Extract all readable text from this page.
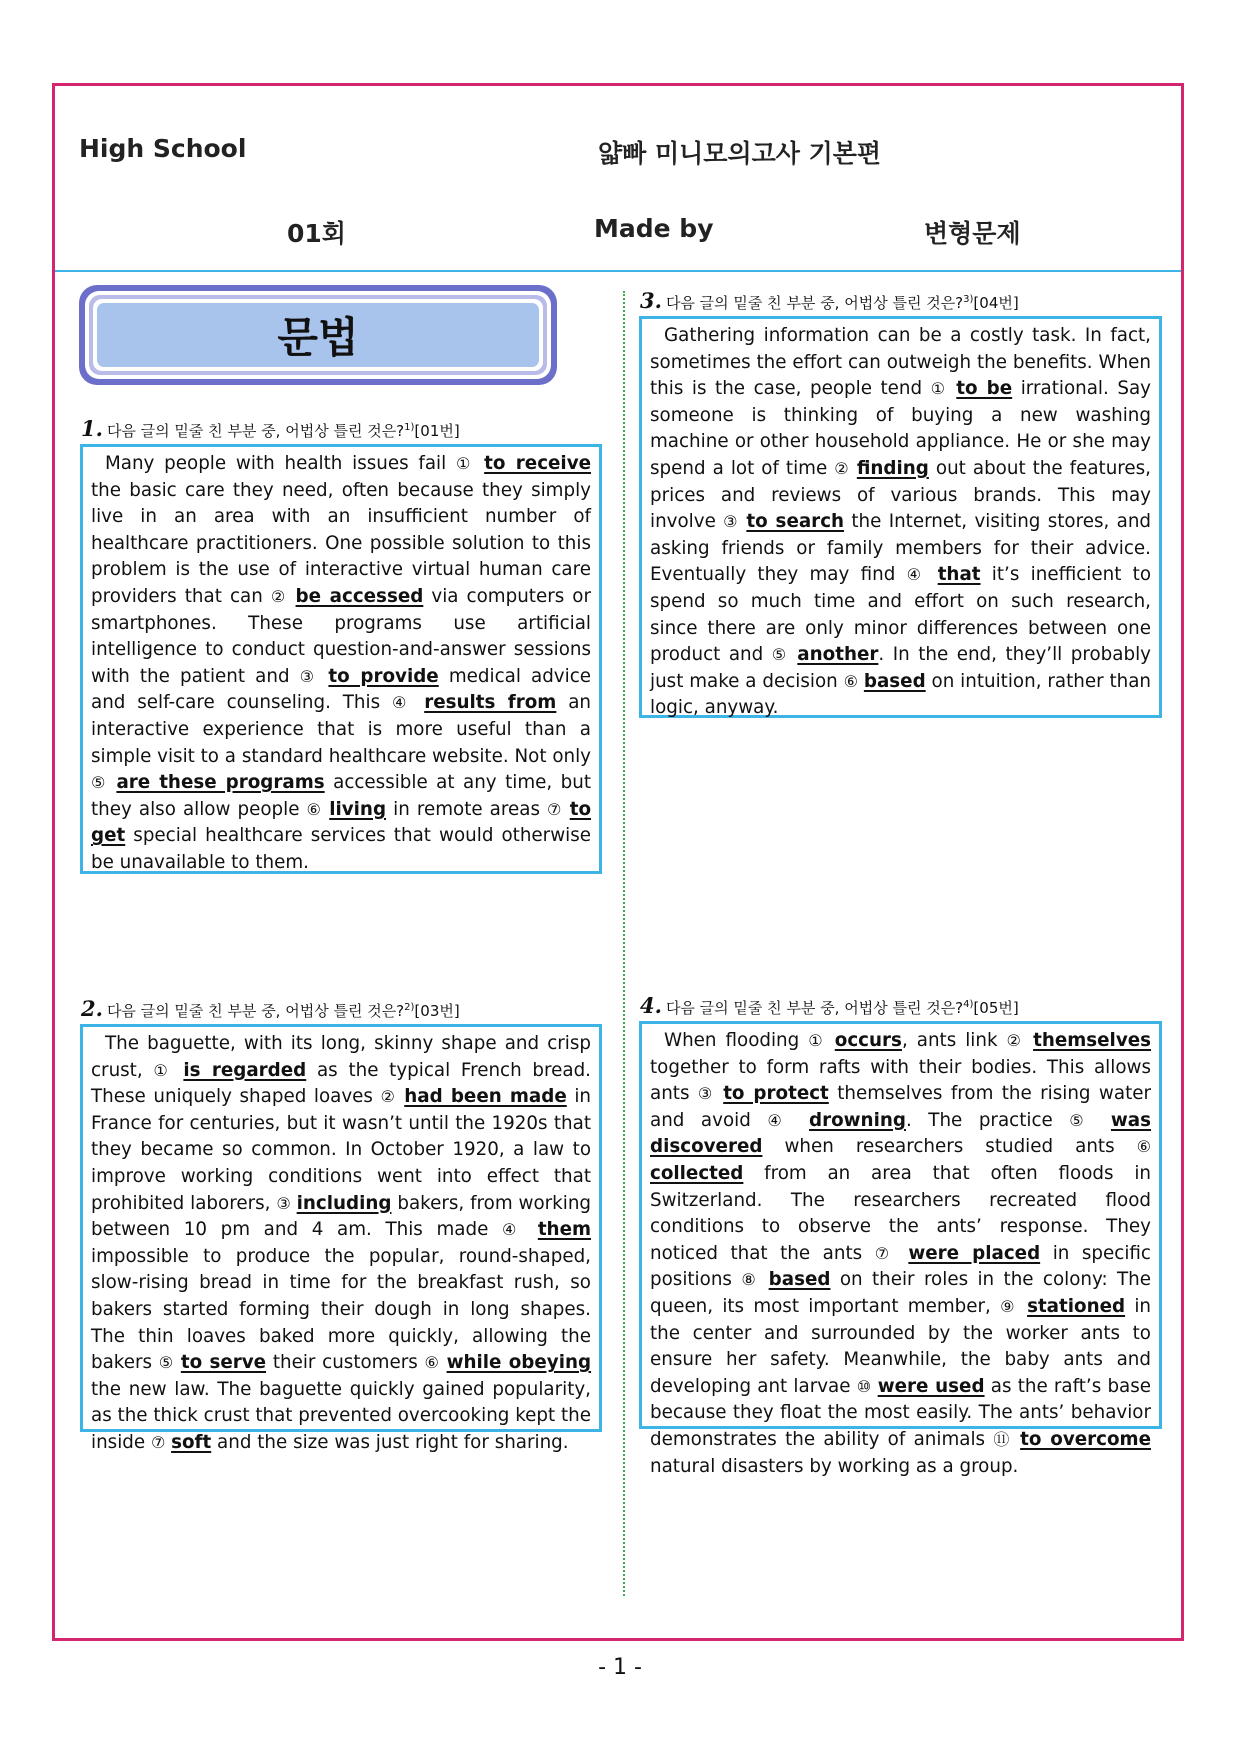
High School	얇빠 미니모의고사 기본편
01회	Made by	변형문제
문법
1. 다음 글의 밑줄 친 부분 중, 어법상 틀린 것은?$^{1)}$[01번]

Many people with health issues fail ① to receive the basic care they need, often because they simply live in an area with an insufficient number of healthcare practitioners. One possible solution to this problem is the use of interactive virtual human care providers that can ② be accessed via computers or smartphones. These programs use artificial intelligence to conduct question-and-answer sessions with the patient and ③ to provide medical advice and self-care counseling. This ④ results from an interactive experience that is more useful than a simple visit to a standard healthcare website. Not only ⑤ are these programs accessible at any time, but they also allow people ⑥ living in remote areas ⑦ to get special healthcare services that would otherwise be unavailable to them.

2. 다음 글의 밑줄 친 부분 중, 어법상 틀린 것은?$^{2)}$[03번]

The baguette, with its long, skinny shape and crisp crust, ① is regarded as the typical French bread. These uniquely shaped loaves ② had been made in France for centuries, but it wasn’t until the 1920s that they became so common. In October 1920, a law to improve working conditions went into effect that prohibited laborers, ③ including bakers, from working between 10 pm and 4 am. This made ④ them impossible to produce the popular, round-shaped, slow-rising bread in time for the breakfast rush, so bakers started forming their dough in long shapes. The thin loaves baked more quickly, allowing the bakers ⑤ to serve their customers ⑥ while obeying the new law. The baguette quickly gained popularity, as the thick crust that prevented overcooking kept the inside ⑦ soft and the size was just right for sharing.

3. 다음 글의 밑줄 친 부분 중, 어법상 틀린 것은?$^{3)}$[04번]

Gathering information can be a costly task. In fact, sometimes the effort can outweigh the benefits. When this is the case, people tend ① to be irrational. Say someone is thinking of buying a new washing machine or other household appliance. He or she may spend a lot of time ② finding out about the features, prices and reviews of various brands. This may involve ③ to search the Internet, visiting stores, and asking friends or family members for their advice. Eventually they may find ④ that it’s inefficient to spend so much time and effort on such research, since there are only minor differences between one product and ⑤ another. In the end, they’ll probably just make a decision ⑥ based on intuition, rather than logic, anyway.

4. 다음 글의 밑줄 친 부분 중, 어법상 틀린 것은?$^{4)}$[05번]

When flooding ① occurs, ants link ② themselves together to form rafts with their bodies. This allows ants ③ to protect themselves from the rising water and avoid ④ drowning. The practice ⑤ was discovered when researchers studied ants ⑥ collected from an area that often floods in Switzerland. The researchers recreated flood conditions to observe the ants’ response. They noticed that the ants ⑦ were placed in specific positions ⑧ based on their roles in the colony: The queen, its most important member, ⑨ stationed in the center and surrounded by the worker ants to ensure her safety. Meanwhile, the baby ants and developing ant larvae ⑩ were used as the raft’s base because they float the most easily. The ants’ behavior demonstrates the ability of animals ⑪ to overcome natural disasters by working as a group.

- 1 -
